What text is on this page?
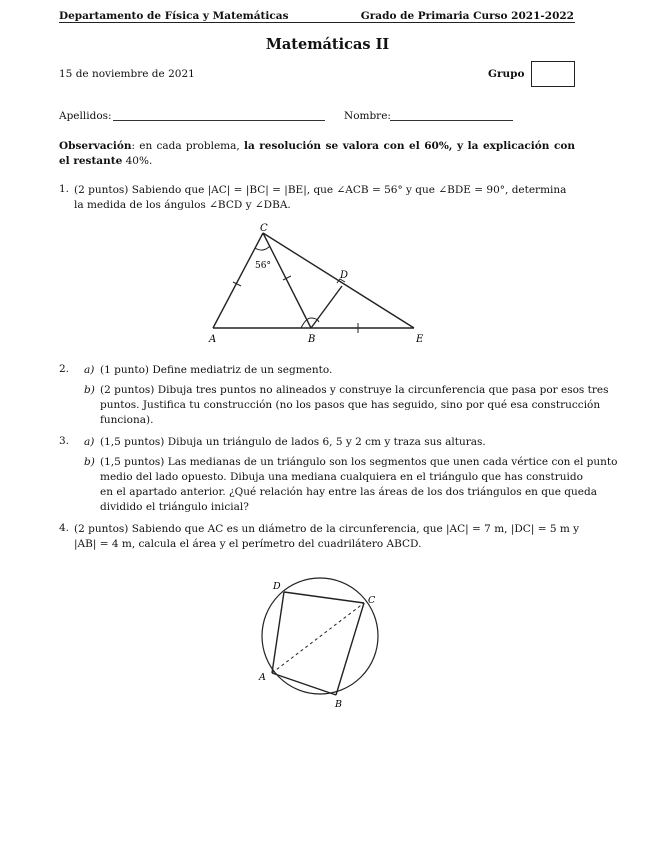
Departamento de Física y Matemáticas	Grado de Primaria Curso 2021-2022
Matemáticas II
15 de noviembre de 2021	Grupo
Apellidos:	Nombre:
Observación: en cada problema, la resolución se valora con el 60%, y la explicación con el restante 40%.
1. (2 puntos) Sabiendo que |AC| = |BC| = |BE|, que ∠ACB = 56° y que ∠BDE = 90°, determina
la medida de los ángulos ∠BCD y ∠DBA.
C
A	B
D
E
56°
2. a) (1 punto) Define mediatriz de un segmento.
b) (2 puntos) Dibuja tres puntos no alineados y construye la circunferencia que pasa por esos tres
puntos. Justifica tu construcción (no los pasos que has seguido, sino por qué esa construcción
funciona).
3. a) (1,5 puntos) Dibuja un triángulo de lados 6, 5 y 2 cm y traza sus alturas.
b) (1,5 puntos) Las medianas de un triángulo son los segmentos que unen cada vértice con el punto
medio del lado opuesto. Dibuja una mediana cualquiera en el triángulo que has construido
en el apartado anterior. ¿Qué relación hay entre las áreas de los dos triángulos en que queda
dividido el triángulo inicial?
4. (2 puntos) Sabiendo que AC es un diámetro de la circunferencia, que |AC| = 7 m, |DC| = 5 m y
|AB| = 4 m, calcula el área y el perímetro del cuadrilátero ABCD.
D
C
A
B
